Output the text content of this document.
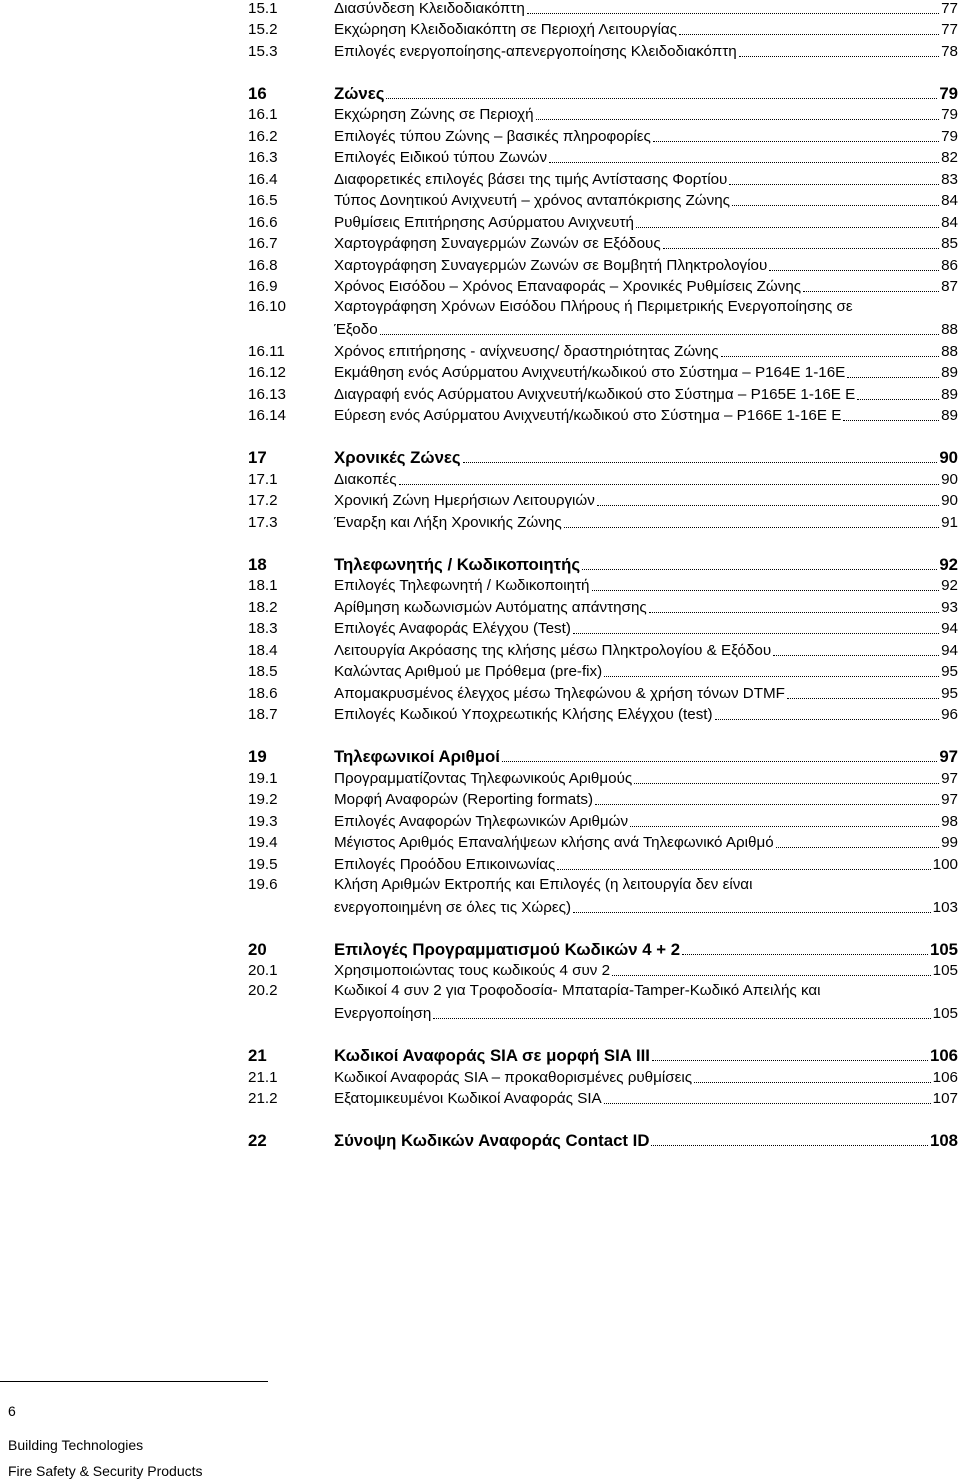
15.1	Διασύνδεση Κλειδοδιακόπτη	77
15.2	Εκχώρηση Κλειδοδιακόπτη σε Περιοχή Λειτουργίας	77
15.3	Επιλογές ενεργοποίησης-απενεργοποίησης Κλειδοδιακόπτη	78
16	Ζώνες	79
16.1	Εκχώρηση Ζώνης σε Περιοχή	79
16.2	Επιλογές τύπου Ζώνης – βασικές πληροφορίες	79
16.3	Επιλογές Ειδικού τύπου Ζωνών	82
16.4	Διαφορετικές επιλογές βάσει της τιμής Αντίστασης Φορτίου	83
16.5	Τύπος Δονητικού Ανιχνευτή – χρόνος ανταπόκρισης Ζώνης	84
16.6	Ρυθμίσεις Επιτήρησης Ασύρματου Ανιχνευτή	84
16.7	Χαρτογράφηση Συναγερμών Ζωνών σε Εξόδους	85
16.8	Χαρτογράφηση Συναγερμών Ζωνών σε Βομβητή Πληκτρολογίου	86
16.9	Χρόνος Εισόδου – Χρόνος Επαναφοράς – Χρονικές Ρυθμίσεις Ζώνης	87
16.10	Χαρτογράφηση Χρόνων Εισόδου Πλήρους ή Περιμετρικής Ενεργοποίησης σε
Έξοδο	88
16.11	Χρόνος επιτήρησης - ανίχνευσης/ δραστηριότητας Ζώνης	88
16.12	Εκμάθηση ενός Ασύρματου Ανιχνευτή/κωδικού στο Σύστημα – P164E 1-16E	89
16.13	Διαγραφή ενός Ασύρματου Ανιχνευτή/κωδικού στο Σύστημα – P165E 1-16E E	89
16.14	Εύρεση ενός Ασύρματου Ανιχνευτή/κωδικού στο Σύστημα – P166E 1-16E E	89
17	Χρονικές Ζώνες	90
17.1	Διακοπές	90
17.2	Χρονική Ζώνη Ημερήσιων Λειτουργιών	90
17.3	Έναρξη και Λήξη Χρονικής Ζώνης	91
18	Τηλεφωνητής / Κωδικοποιητής	92
18.1	Επιλογές Τηλεφωνητή / Κωδικοποιητή	92
18.2	Αρίθμηση κωδωνισμών Αυτόματης απάντησης	93
18.3	Επιλογές Αναφοράς Ελέγχου (Test)	94
18.4	Λειτουργία Ακρόασης της κλήσης μέσω Πληκτρολογίου & Εξόδου	94
18.5	Καλώντας Αριθμού με Πρόθεμα (pre-fix)	95
18.6	Απομακρυσμένος έλεγχος μέσω Τηλεφώνου & χρήση τόνων DTMF	95
18.7	Επιλογές Κωδικού Υποχρεωτικής Κλήσης Ελέγχου (test)	96
19	Τηλεφωνικοί Αριθμοί	97
19.1	Προγραμματίζοντας Τηλεφωνικούς Αριθμούς	97
19.2	Μορφή Αναφορών (Reporting formats)	97
19.3	Επιλογές Αναφορών Τηλεφωνικών Αριθμών	98
19.4	Μέγιστος Αριθμός Επαναλήψεων κλήσης ανά Τηλεφωνικό Αριθμό	99
19.5	Επιλογές Προόδου Επικοινωνίας	100
19.6	Κλήση Αριθμών Εκτροπής και Επιλογές (η λειτουργία δεν είναι
ενεργοποιημένη σε όλες τις Χώρες)	103
20	Επιλογές Προγραμματισμού Κωδικών 4 + 2	105
20.1	Χρησιμοποιώντας τους κωδικούς 4 συν 2	105
20.2	Κωδικοί 4 συν 2 για Τροφοδοσία- Μπαταρία-Tamper-Κωδικό Απειλής και
Ενεργοποίηση	105
21	Κωδικοί Αναφοράς SIA σε μορφή SIA III	106
21.1	Κωδικοί Αναφοράς SIA – προκαθορισμένες ρυθμίσεις	106
21.2	Εξατομικευμένοι Κωδικοί Αναφοράς SIA	107
22	Σύνοψη Κωδικών Αναφοράς Contact ID	108
6
Building Technologies
Fire Safety & Security Products
